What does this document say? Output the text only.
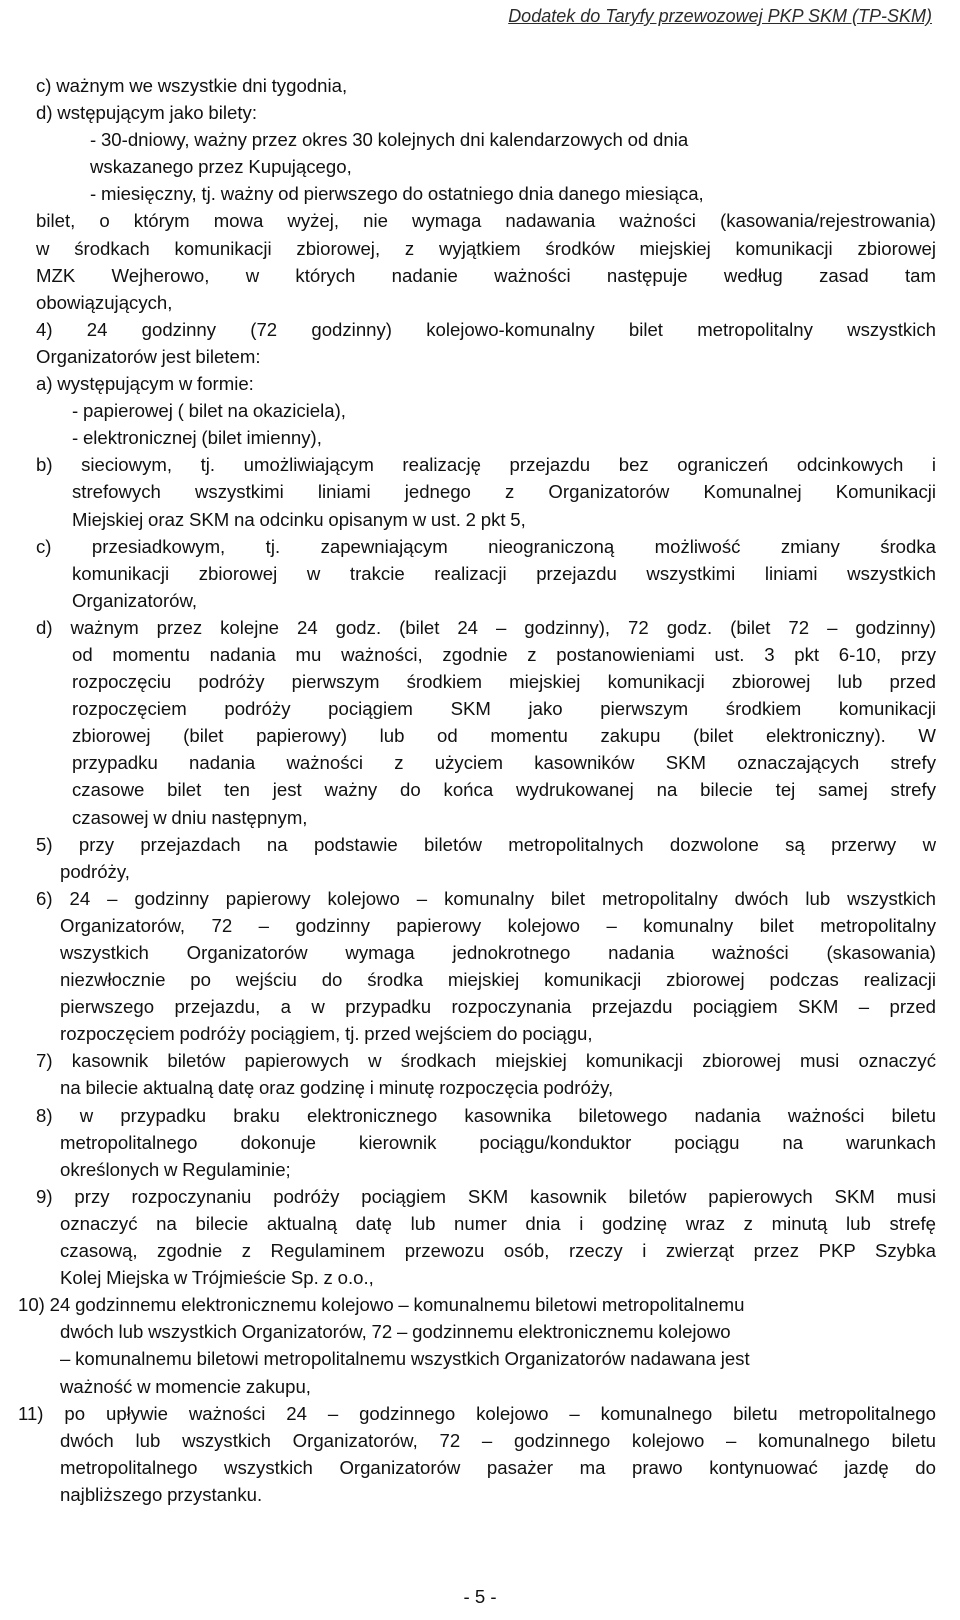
Dodatek do Taryfy przewozowej PKP SKM (TP-SKM)
c) ważnym we wszystkie dni tygodnia,
d) wstępującym jako bilety:
- 30-dniowy, ważny przez okres 30 kolejnych dni kalendarzowych od dnia
wskazanego przez Kupującego,
- miesięczny, tj. ważny od pierwszego do ostatniego dnia danego miesiąca,
bilet, o którym mowa wyżej, nie wymaga nadawania ważności (kasowania/rejestrowania)
w środkach komunikacji zbiorowej, z wyjątkiem środków miejskiej komunikacji zbiorowej
MZK Wejherowo, w których nadanie ważności następuje według zasad tam
obowiązujących,
4) 24 godzinny (72 godzinny) kolejowo-komunalny bilet metropolitalny wszystkich
Organizatorów jest biletem:
a) występującym w formie:
- papierowej ( bilet na okaziciela),
- elektronicznej (bilet imienny),
b) sieciowym, tj. umożliwiającym realizację przejazdu bez ograniczeń odcinkowych i
strefowych wszystkimi liniami jednego z Organizatorów Komunalnej Komunikacji
Miejskiej oraz SKM na odcinku opisanym w ust. 2 pkt 5,
c) przesiadkowym, tj. zapewniającym nieograniczoną możliwość zmiany środka
komunikacji zbiorowej w trakcie realizacji przejazdu wszystkimi liniami wszystkich
Organizatorów,
d) ważnym przez kolejne 24 godz. (bilet 24 – godzinny), 72 godz. (bilet 72 – godzinny)
od momentu nadania mu ważności, zgodnie z postanowieniami ust. 3 pkt 6-10, przy
rozpoczęciu podróży pierwszym środkiem miejskiej komunikacji zbiorowej lub przed
rozpoczęciem podróży pociągiem SKM jako pierwszym środkiem komunikacji
zbiorowej (bilet papierowy) lub od momentu zakupu (bilet elektroniczny). W
przypadku nadania ważności z użyciem kasowników SKM oznaczających strefy
czasowe bilet ten jest ważny do końca wydrukowanej na bilecie tej samej strefy
czasowej w dniu następnym,
5) przy przejazdach na podstawie biletów metropolitalnych dozwolone są przerwy w
podróży,
6) 24 – godzinny papierowy kolejowo – komunalny bilet metropolitalny dwóch lub wszystkich
Organizatorów, 72 – godzinny papierowy kolejowo – komunalny bilet metropolitalny
wszystkich Organizatorów wymaga jednokrotnego nadania ważności (skasowania)
niezwłocznie po wejściu do środka miejskiej komunikacji zbiorowej podczas realizacji
pierwszego przejazdu, a w przypadku rozpoczynania przejazdu pociągiem SKM – przed
rozpoczęciem podróży pociągiem, tj. przed wejściem do pociągu,
7) kasownik biletów papierowych w środkach miejskiej komunikacji zbiorowej musi oznaczyć
na bilecie aktualną datę oraz godzinę i minutę rozpoczęcia podróży,
8) w przypadku braku elektronicznego kasownika biletowego nadania ważności biletu
metropolitalnego dokonuje kierownik pociągu/konduktor pociągu na warunkach
określonych w Regulaminie;
9) przy rozpoczynaniu podróży pociągiem SKM kasownik biletów papierowych SKM musi
oznaczyć na bilecie aktualną datę lub numer dnia i godzinę wraz z minutą lub strefę
czasową, zgodnie z Regulaminem przewozu osób, rzeczy i zwierząt przez PKP Szybka
Kolej Miejska w Trójmieście Sp. z o.o.,
10) 24 godzinnemu elektronicznemu kolejowo – komunalnemu biletowi metropolitalnemu
dwóch lub wszystkich Organizatorów, 72 – godzinnemu elektronicznemu kolejowo
– komunalnemu biletowi metropolitalnemu wszystkich Organizatorów nadawana jest
ważność w momencie zakupu,
11) po upływie ważności 24 – godzinnego kolejowo – komunalnego biletu metropolitalnego
dwóch lub wszystkich Organizatorów, 72 – godzinnego kolejowo – komunalnego biletu
metropolitalnego wszystkich Organizatorów pasażer ma prawo kontynuować jazdę do
najbliższego przystanku.
- 5 -
